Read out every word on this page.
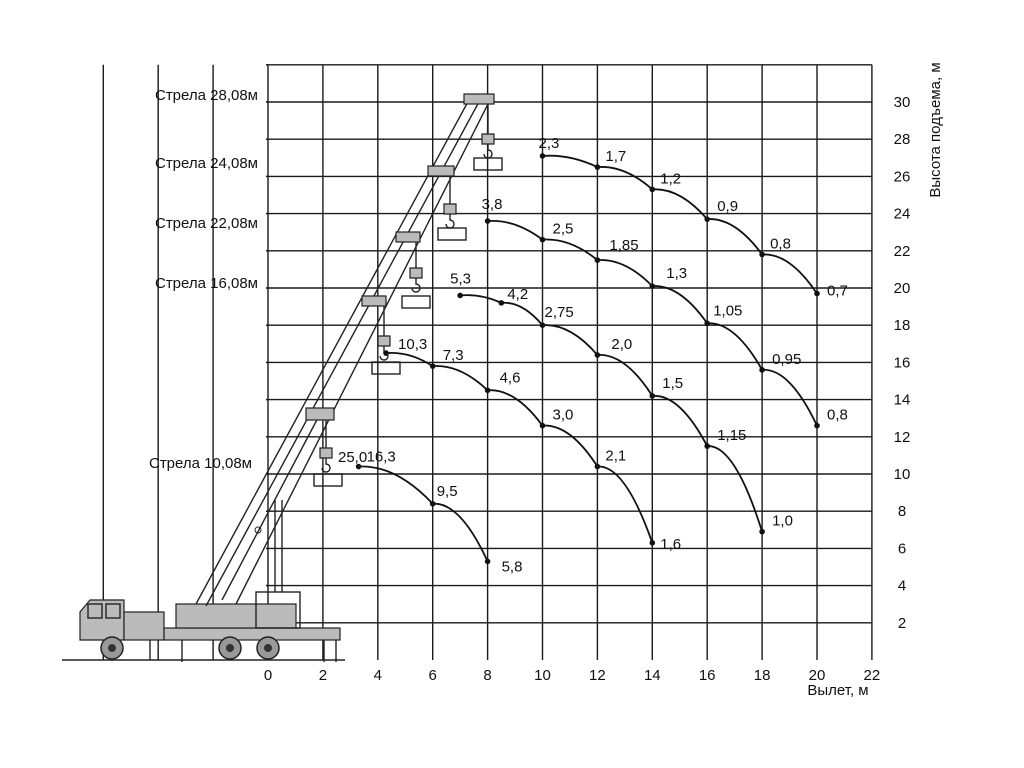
0	2	4	6	8	10	12	14	16	18	20	22
2
4
6
8
10
12
14
16
18
20
22
24
26
28
30
Вылет, м
Высота подъема, м
Стрела 28,08м
Стрела 24,08м
Стрела 22,08м
Стрела 16,08м
Стрела 10,08м	16,3
9,5
5,8
25,0
10,3
7,3
4,6
3,0
2,1
1,6
5,3
4,2
2,75
2,0
1,5
1,15
1,0
3,8
2,5
1,85
1,3
1,05
0,95
0,8
2,3
1,7
1,2
0,9
0,8
0,7
